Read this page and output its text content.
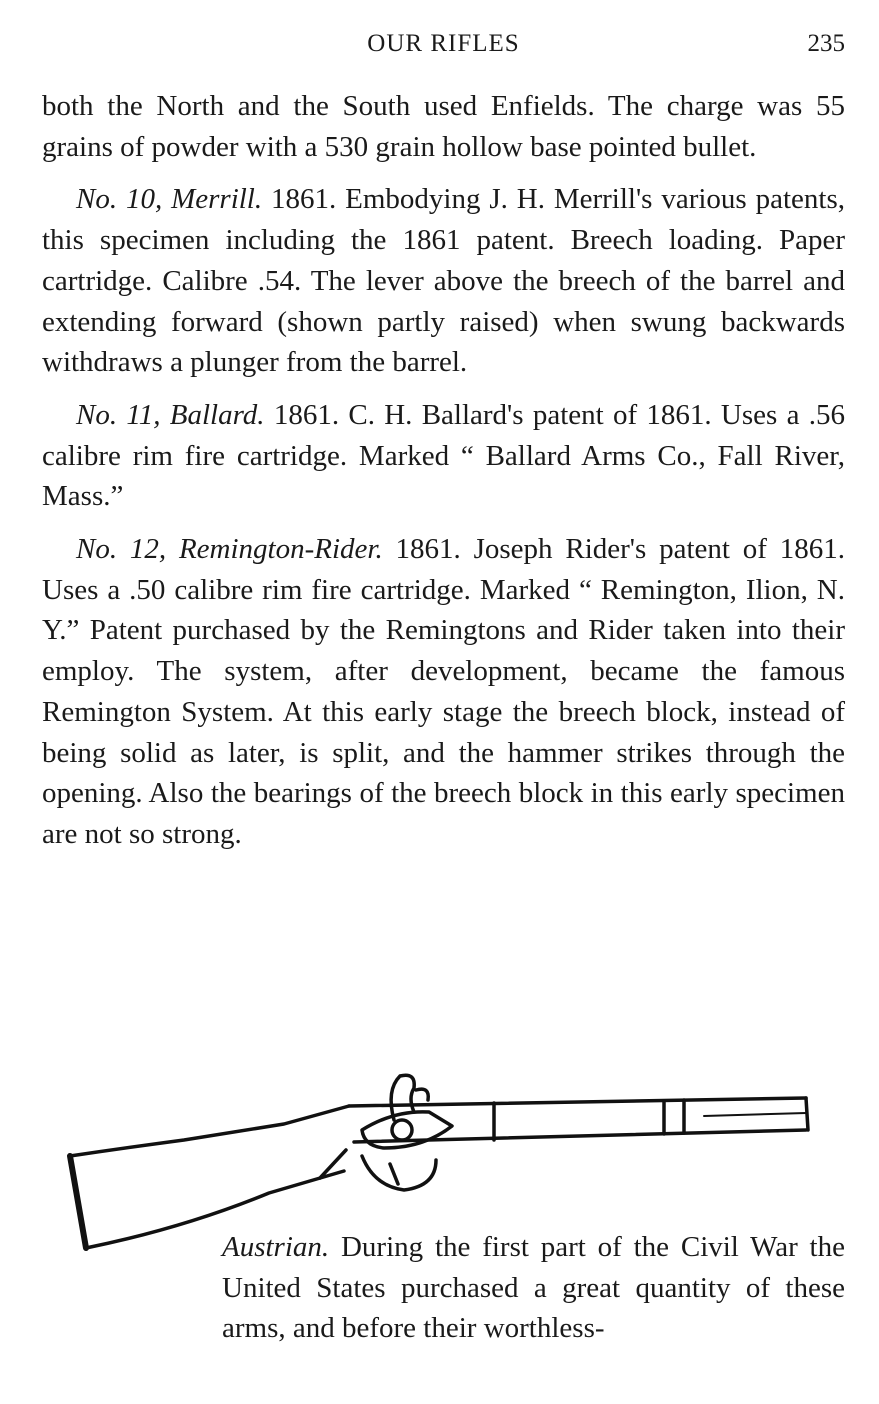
OUR RIFLES	235

both the North and the South used Enfields. The charge was 55 grains of powder with a 530 grain hollow base pointed bullet.

No. 10, Merrill. 1861. Embodying J. H. Merrill's various patents, this specimen including the 1861 patent. Breech loading. Paper cartridge. Calibre .54. The lever above the breech of the barrel and extending forward (shown partly raised) when swung backwards withdraws a plunger from the barrel.

No. 11, Ballard. 1861. C. H. Ballard's patent of 1861. Uses a .56 calibre rim fire cartridge. Marked “ Ballard Arms Co., Fall River, Mass.”

No. 12, Remington-Rider. 1861. Joseph Rider's patent of 1861. Uses a .50 calibre rim fire cartridge. Marked “ Remington, Ilion, N. Y.” Patent purchased by the Remingtons and Rider taken into their employ. The system, after development, became the famous Remington System. At this early stage the breech block, instead of being solid as later, is split, and the hammer strikes through the opening. Also the bearings of the breech block in this early specimen are not so strong.

Austrian. During the first part of the Civil War the United States purchased a great quantity of these arms, and before their worthless-
